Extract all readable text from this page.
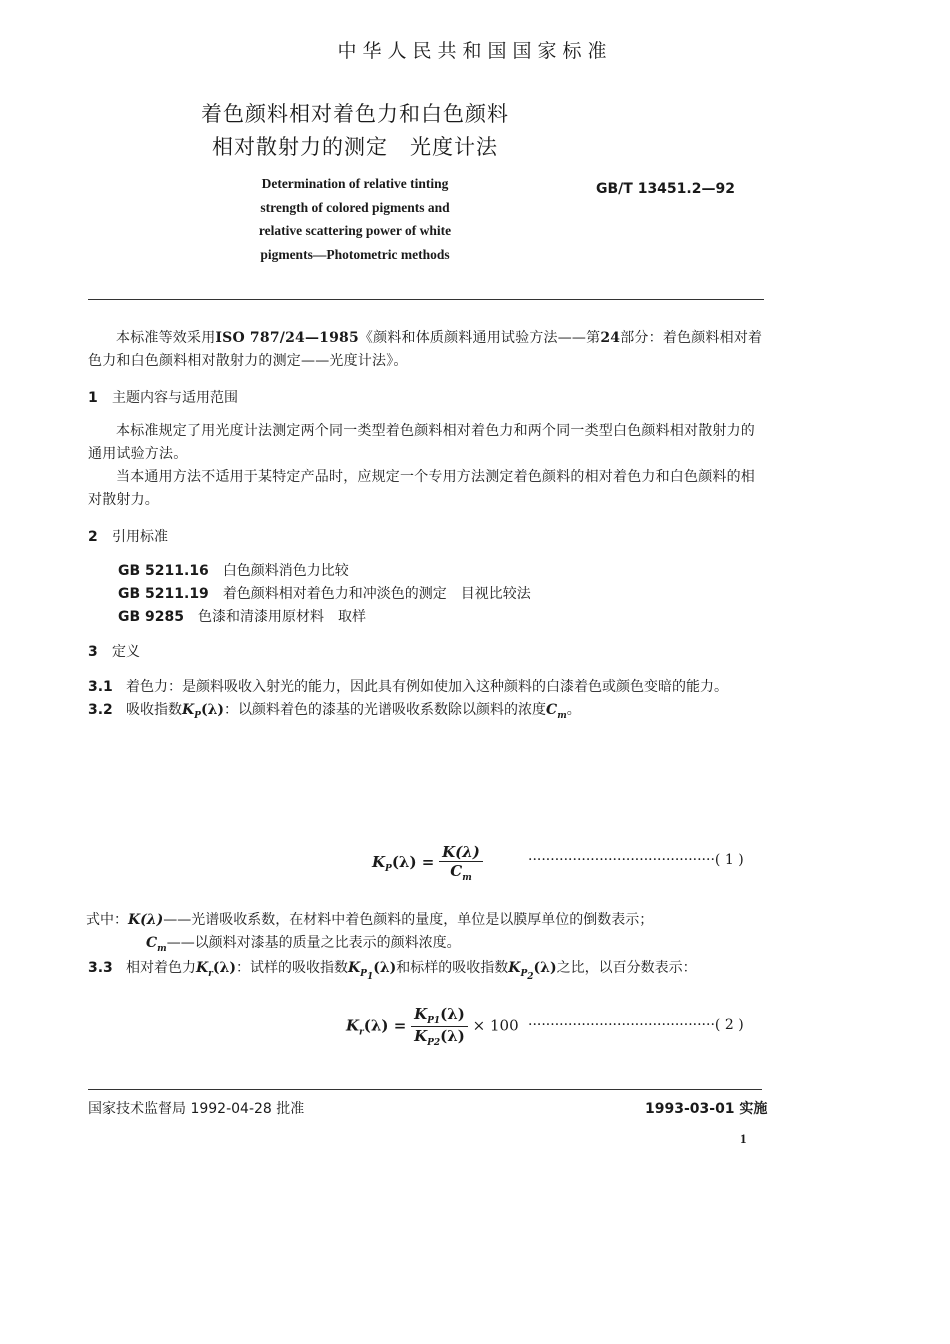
中华人民共和国国家标准
着色颜料相对着色力和白色颜料
相对散射力的测定　光度计法
Determination of relative tinting
strength of colored pigments and
relative scattering power of white
pigments—Photometric methods
GB/T 13451.2—92
本标准等效采用ISO 787/24—1985《颜料和体质颜料通用试验方法——第24部分：着色颜料相对着色力和白色颜料相对散射力的测定——光度计法》。
1 主题内容与适用范围
本标准规定了用光度计法测定两个同一类型着色颜料相对着色力和两个同一类型白色颜料相对散射力的通用试验方法。
当本通用方法不适用于某特定产品时，应规定一个专用方法测定着色颜料的相对着色力和白色颜料的相对散射力。
2 引用标准
GB 5211.16 白色颜料消色力比较
GB 5211.19 着色颜料相对着色力和冲淡色的测定　目视比较法
GB 9285 色漆和清漆用原材料　取样
3 定义
3.1 着色力：是颜料吸收入射光的能力，因此具有例如使加入这种颜料的白漆着色或颜色变暗的能力。
3.2 吸收指数$K_P(\lambda)$：以颜料着色的漆基的光谱吸收系数除以颜料的浓度$C_m$。
$K_P(\lambda) = \frac{K(\lambda)}{C_m}$	··········································( 1 )
式中：K(λ)——光谱吸收系数，在材料中着色颜料的量度，单位是以膜厚单位的倒数表示；
$C_m——$以颜料对漆基的质量之比表示的颜料浓度。
3.3 相对着色力$K_r(\lambda)$：试样的吸收指数$K_{P_1}(\lambda)$和标样的吸收指数$K_{P_2}(\lambda)$之比，以百分数表示：
$K_r(\lambda) = \frac{K_{P1}(\lambda)}{K_{P2}(\lambda)} \times 100$ ··········································( 2 )
国家技术监督局 1992-04-28 批准	1993-03-01 实施
1
